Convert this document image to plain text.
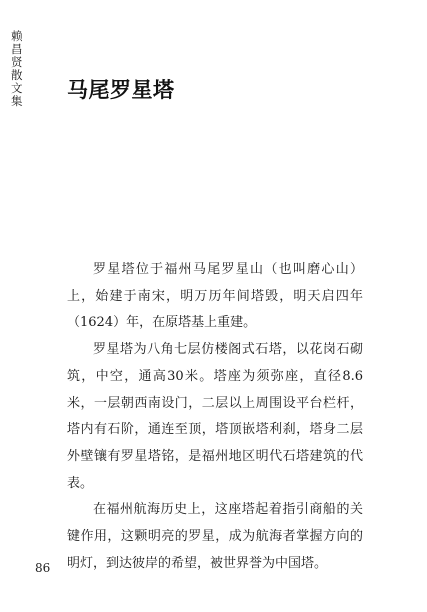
赖昌贤散文集 马尾罗星塔

罗星塔位于福州马尾罗星山（也叫磨心山）上，始建于南宋，明万历年间塔毁，明天启四年（1624）年，在原塔基上重建。

罗星塔为八角七层仿楼阁式石塔，以花岗石砌筑，中空，通高30米。塔座为须弥座，直径8.6米，一层朝西南设门，二层以上周围设平台栏杆，塔内有石阶，通连至顶，塔顶嵌塔利刹，塔身二层外壁镶有罗星塔铭，是福州地区明代石塔建筑的代表。

在福州航海历史上，这座塔起着指引商船的关键作用，这颗明亮的罗星，成为航海者掌握方向的明灯，到达彼岸的希望，被世界誉为中国塔。

86
